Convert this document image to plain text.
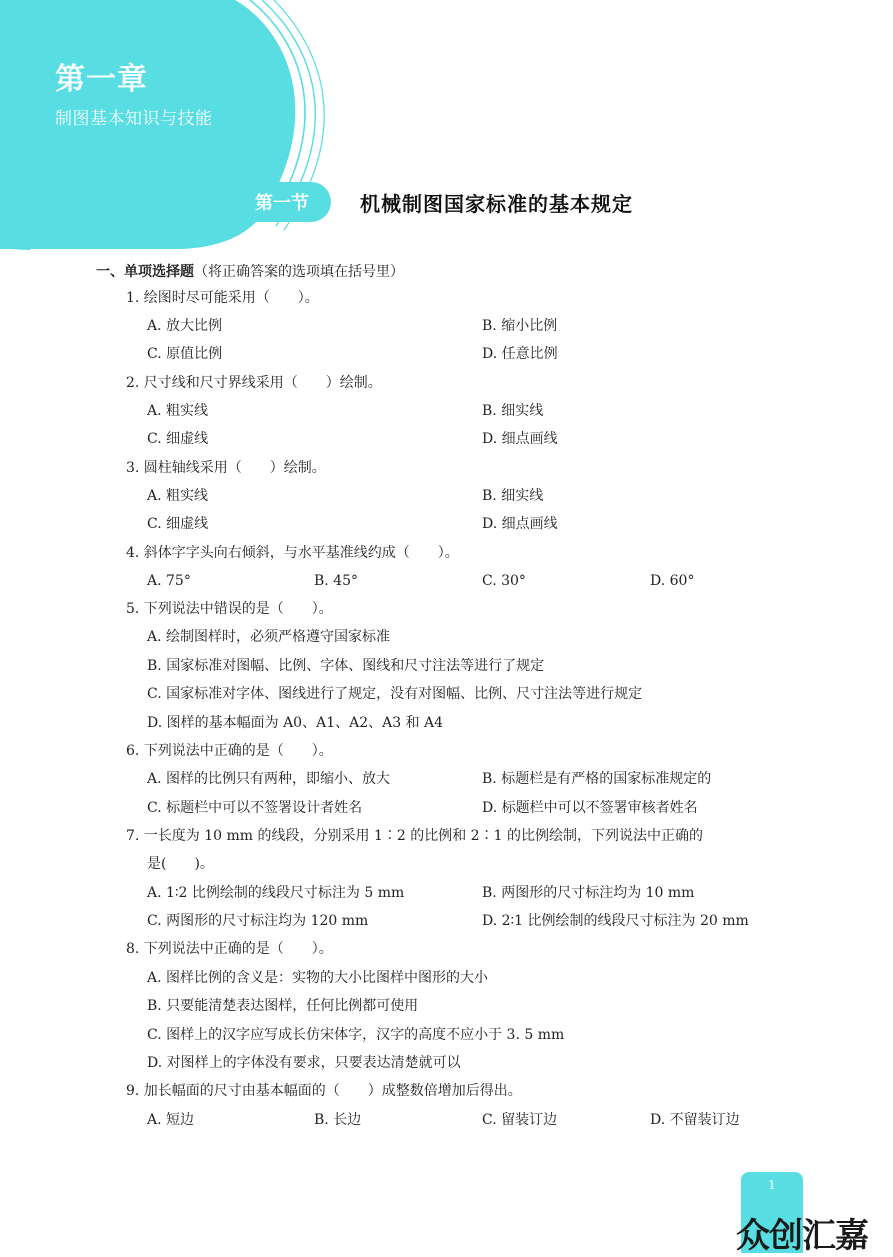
第一章
制图基本知识与技能
第一节	机械制图国家标准的基本规定
一、单项选择题（将正确答案的选项填在括号里）
1. 绘图时尽可能采用（　　）。
A. 放大比例	B. 缩小比例
C. 原值比例	D. 任意比例
2. 尺寸线和尺寸界线采用（　　）绘制。
A. 粗实线	B. 细实线
C. 细虚线	D. 细点画线
3. 圆柱轴线采用（　　）绘制。
A. 粗实线	B. 细实线
C. 细虚线	D. 细点画线
4. 斜体字字头向右倾斜，与水平基准线约成（　　）。
A. 75°	B. 45°	C. 30°	D. 60°
5. 下列说法中错误的是（　　）。
A. 绘制图样时，必须严格遵守国家标准
B. 国家标准对图幅、比例、字体、图线和尺寸注法等进行了规定
C. 国家标准对字体、图线进行了规定，没有对图幅、比例、尺寸注法等进行规定
D. 图样的基本幅面为 A0、A1、A2、A3 和 A4
6. 下列说法中正确的是（　　）。
A. 图样的比例只有两种，即缩小、放大	B. 标题栏是有严格的国家标准规定的
C. 标题栏中可以不签署设计者姓名	D. 标题栏中可以不签署审核者姓名
7. 一长度为 10 mm 的线段，分别采用 1∶2 的比例和 2∶1 的比例绘制，下列说法中正确的
是(　　)。
A. 1∶2 比例绘制的线段尺寸标注为 5 mm	B. 两图形的尺寸标注均为 10 mm
C. 两图形的尺寸标注均为 120 mm	D. 2∶1 比例绘制的线段尺寸标注为 20 mm
8. 下列说法中正确的是（　　）。
A. 图样比例的含义是：实物的大小比图样中图形的大小
B. 只要能清楚表达图样，任何比例都可使用
C. 图样上的汉字应写成长仿宋体字，汉字的高度不应小于 3. 5 mm
D. 对图样上的字体没有要求，只要表达清楚就可以
9. 加长幅面的尺寸由基本幅面的（　　）成整数倍增加后得出。
A. 短边	B. 长边	C. 留装订边	D. 不留装订边
1
众创汇嘉
